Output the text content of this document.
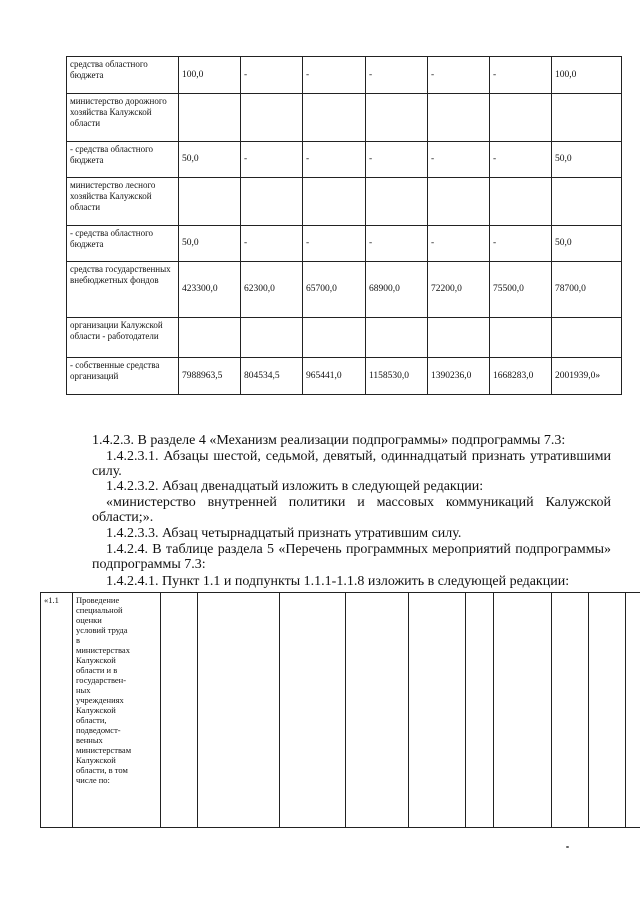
средства областного бюджета	100,0	-	-	-	-	-	100,0
министерство дорожного хозяйства Калужской области							
- средства областного бюджета	50,0	-	-	-	-	-	50,0
министерство лесного хозяйства Калужской области							
- средства областного бюджета	50,0	-	-	-	-	-	50,0
средства государственных внебюджетных фондов	423300,0	62300,0	65700,0	68900,0	72200,0	75500,0	78700,0
организации Калужской области - работодатели							
- собственные средства организаций	7988963,5	804534,5	965441,0	1158530,0	1390236,0	1668283,0	2001939,0»
1.4.2.3. В разделе 4 «Механизм реализации подпрограммы» подпрограммы 7.3:
1.4.2.3.1. Абзацы шестой, седьмой, девятый, одиннадцатый признать утратившими
силу.
1.4.2.3.2. Абзац двенадцатый изложить в следующей редакции:
«министерство внутренней политики и массовых коммуникаций Калужской
области;».
1.4.2.3.3. Абзац четырнадцатый признать утратившим силу.
1.4.2.4. В таблице раздела 5 «Перечень программных мероприятий подпрограммы»
подпрограммы 7.3:
1.4.2.4.1. Пункт 1.1 и подпункты 1.1.1-1.1.8 изложить в следующей редакции:
«1.1	Проведение
специальной
оценки
условий труда
в
министерствах
Калужской
области и в
государствен-
ных
учреждениях
Калужской
области,
подведомст-
венных
министерствам
Калужской
области, в том
числе по:
